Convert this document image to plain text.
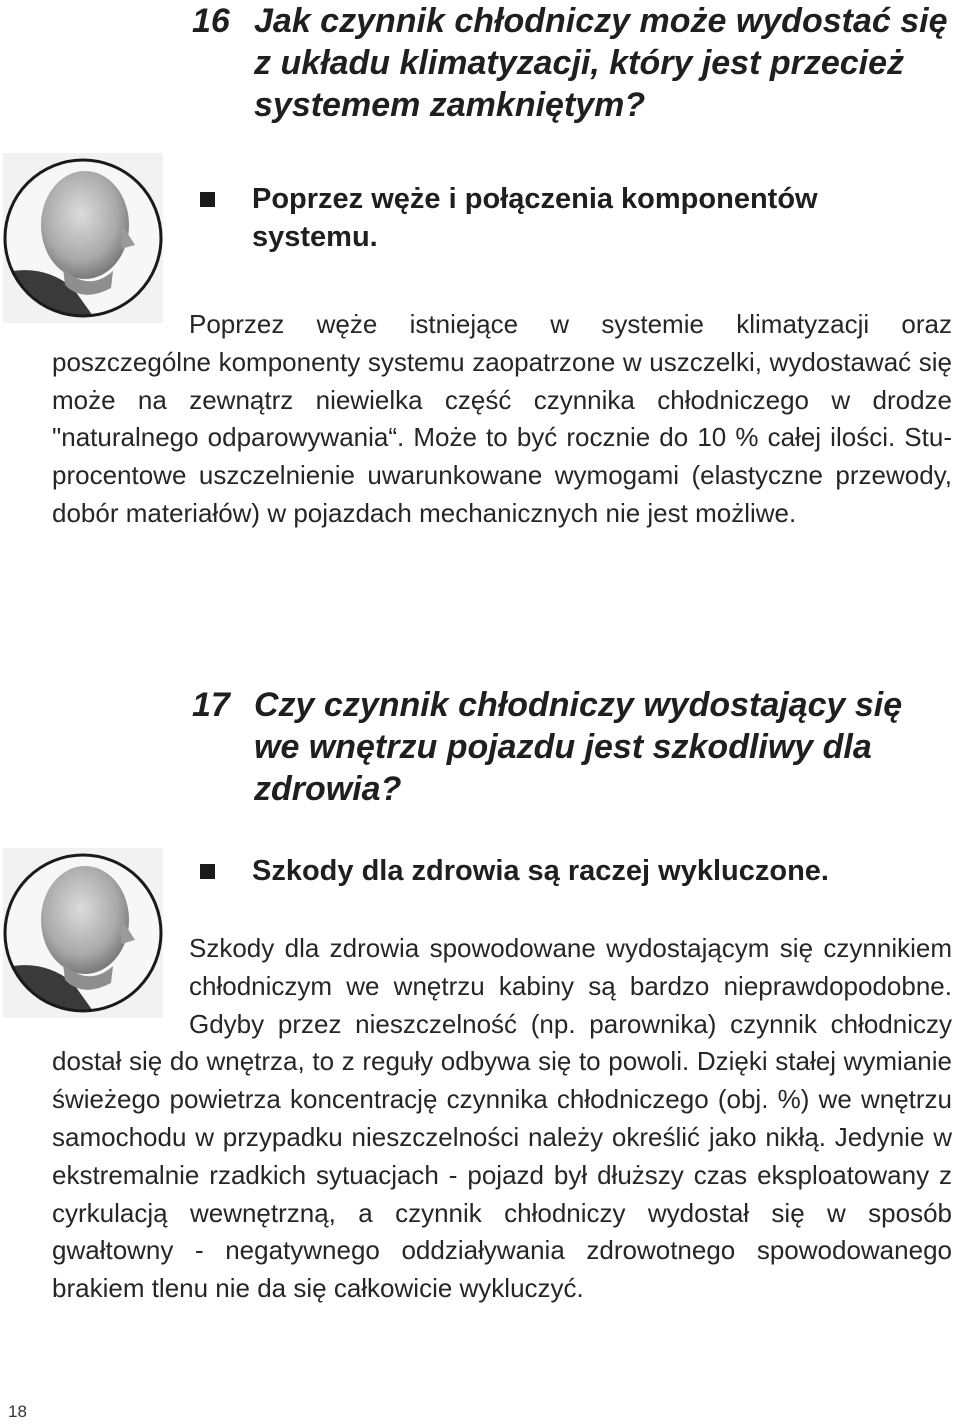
16 Jak czynnik chłodniczy może wydostać się z układu klimatyzacji, który jest przecież systemem zamkniętym?
Poprzez węże i połączenia komponentów systemu.

Poprzez węże istniejące w systemie klimatyzacji oraz poszczególne komponenty systemu zaopatrzone w uszczelki, wydostawać się może na zewnątrz niewielka część czynnika chłodniczego w drodze "naturalnego odparowywania“. Może to być rocznie do 10 % całej ilości. Stu-procentowe uszczelnienie uwarunkowane wymogami (elastyczne przewody, dobór materiałów) w pojazdach mechanicznych nie jest możliwe.

17 Czy czynnik chłodniczy wydostający się we wnętrzu pojazdu jest szkodliwy dla zdrowia?
Szkody dla zdrowia są raczej wykluczone.

Szkody dla zdrowia spowodowane wydostającym się czynnikiem chłodniczym we wnętrzu kabiny są bardzo nieprawdopodobne. Gdyby przez nieszczelność (np. parownika) czynnik chłodniczy dostał się do wnętrza, to z reguły odbywa się to powoli. Dzięki stałej wymianie świeżego powietrza koncentrację czynnika chłodniczego (obj. %) we wnętrzu samochodu w przypadku nieszczelności należy określić jako nikłą. Jedynie w ekstremalnie rzadkich sytuacjach - pojazd był dłuższy czas eksploatowany z cyrkulacją wewnętrzną, a czynnik chłodniczy wydostał się w sposób gwałtowny - negatywnego oddziaływania zdrowotnego spowodowanego brakiem tlenu nie da się całkowicie wykluczyć.

18
